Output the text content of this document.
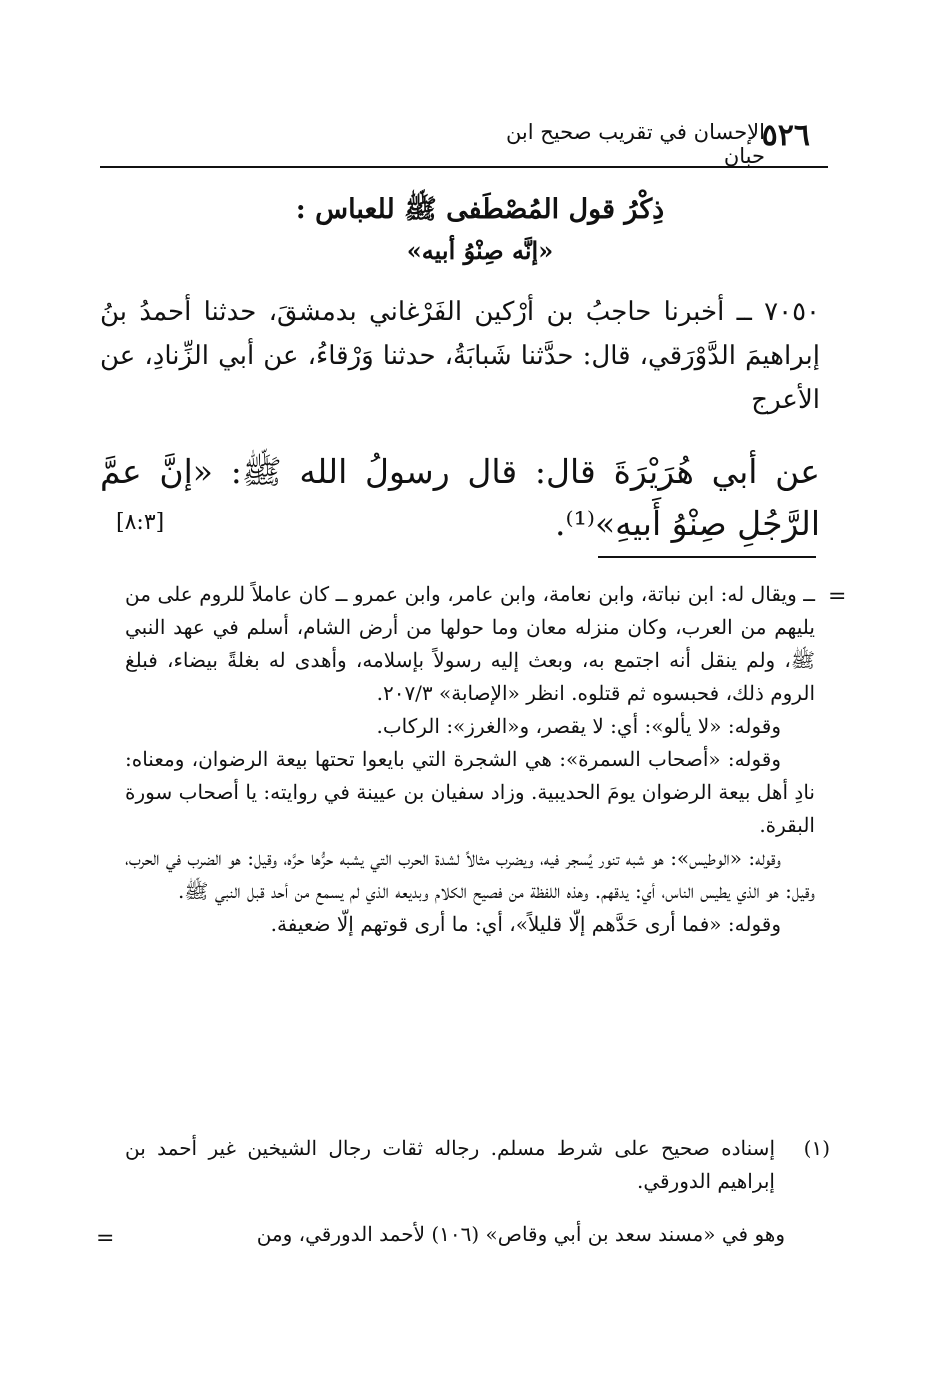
٥٢٦
الإحسان في تقريب صحيح ابن حبان
ذِكْرُ قول المُصْطَفى ﷺ للعباس :
«إنَّه صِنْوُ أبيه»
٧٠٥٠ ــ أخبرنا حاجبُ بن أرْكين الفَرْغاني بدمشقَ، حدثنا أحمدُ بنُ إبراهيمَ الدَّوْرَقي، قال: حدَّثنا شَبابَةُ، حدثنا وَرْقاءُ، عن أبي الزِّنادِ، عن الأعرج
عن أبي هُرَيْرَةَ قال: قال رسولُ الله ﷺ: «إنَّ عمَّ الرَّجُلِ صِنْوُ أَبيهِ»⁽¹⁾.
[٨:٣]
=

ــ ويقال له: ابن نباتة، وابن نعامة، وابن عامر، وابن عمرو ــ كان عاملاً للروم على من يليهم من العرب، وكان منزله معان وما حولها من أرض الشام، أسلم في عهد النبي ﷺ، ولم ينقل أنه اجتمع به، وبعث إليه رسولاً بإسلامه، وأهدى له بغلةً بيضاء، فبلغ الروم ذلك، فحبسوه ثم قتلوه. انظر «الإصابة» ٢٠٧/٣.

وقوله: «لا يألو»: أي: لا يقصر، و«الغرز»: الركاب.

وقوله: «أصحاب السمرة»: هي الشجرة التي بايعوا تحتها بيعة الرضوان، ومعناه: نادِ أهل بيعة الرضوان يومَ الحديبية. وزاد سفيان بن عيينة في روايته: يا أصحاب سورة البقرة.

وقوله: «الوطيس»: هو شبه تنور يُسجر فيه، ويضرب مثالاً لشدة الحرب التي يشبه حرُّها حرَّه، وقيل: هو الضرب في الحرب، وقيل: هو الذي يطيس الناس، أي: يدقهم. وهذه اللفظة من فصيح الكلام وبديعه الذي لم يسمع من أحد قبل النبي ﷺ.

وقوله: «فما أرى حَدَّهم إلّا قليلاً»، أي: ما أرى قوتهم إلّا ضعيفة.

(١)
إسناده صحيح على شرط مسلم. رجاله ثقات رجال الشيخين غير أحمد بن إبراهيم الدورقي.
وهو في «مسند سعد بن أبي وقاص» (١٠٦) لأحمد الدورقي، ومن
=
